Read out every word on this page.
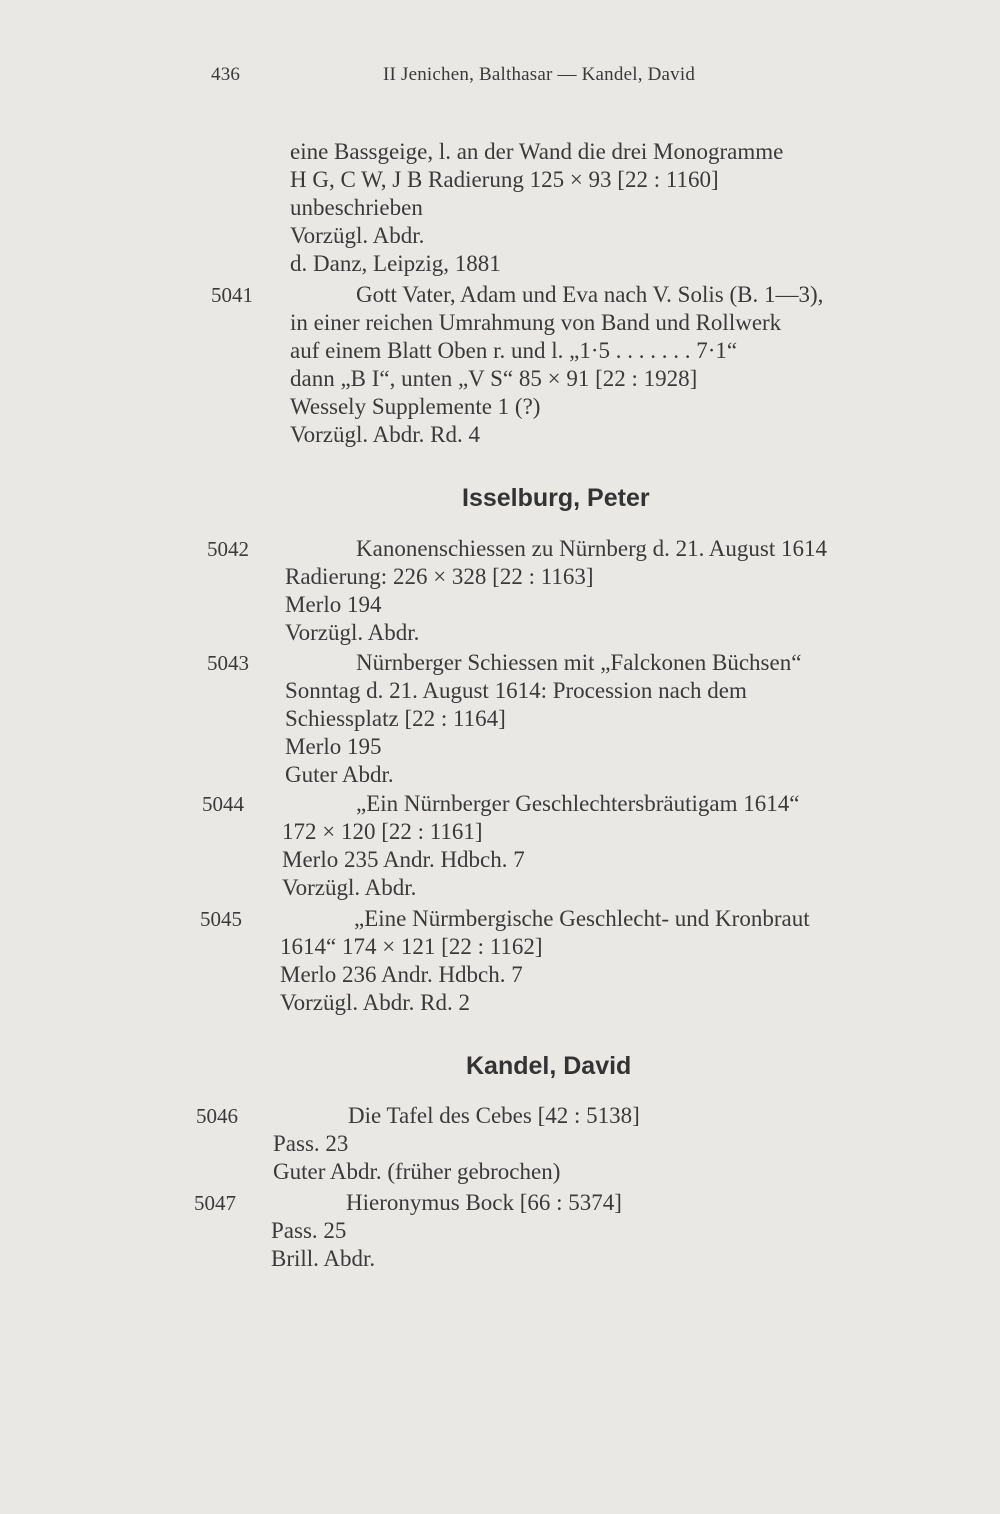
436	II Jenichen, Balthasar — Kandel, David
eine Bassgeige, l. an der Wand die drei Monogramme
H G, C W, J B Radierung 125 × 93 [22 : 1160]
unbeschrieben
Vorzügl. Abdr.
d. Danz, Leipzig, 1881
5041	Gott Vater, Adam und Eva nach V. Solis (B. 1—3),
in einer reichen Umrahmung von Band und Rollwerk
auf einem Blatt Oben r. und l. „1·5 . . . . . . . 7·1“
dann „B I“, unten „V S“ 85 × 91 [22 : 1928]
Wessely Supplemente 1 (?)
Vorzügl. Abdr. Rd. 4
Isselburg, Peter
5042	Kanonenschiessen zu Nürnberg d. 21. August 1614
Radierung: 226 × 328 [22 : 1163]
Merlo 194
Vorzügl. Abdr.
5043	Nürnberger Schiessen mit „Falckonen Büchsen“
Sonntag d. 21. August 1614: Procession nach dem
Schiessplatz [22 : 1164]
Merlo 195
Guter Abdr.
5044	„Ein Nürnberger Geschlechtersbräutigam 1614“
172 × 120 [22 : 1161]
Merlo 235 Andr. Hdbch. 7
Vorzügl. Abdr.
5045	„Eine Nürmbergische Geschlecht- und Kronbraut
1614“ 174 × 121 [22 : 1162]
Merlo 236 Andr. Hdbch. 7
Vorzügl. Abdr. Rd. 2
Kandel, David
5046	Die Tafel des Cebes [42 : 5138]
Pass. 23
Guter Abdr. (früher gebrochen)
5047	Hieronymus Bock [66 : 5374]
Pass. 25
Brill. Abdr.
